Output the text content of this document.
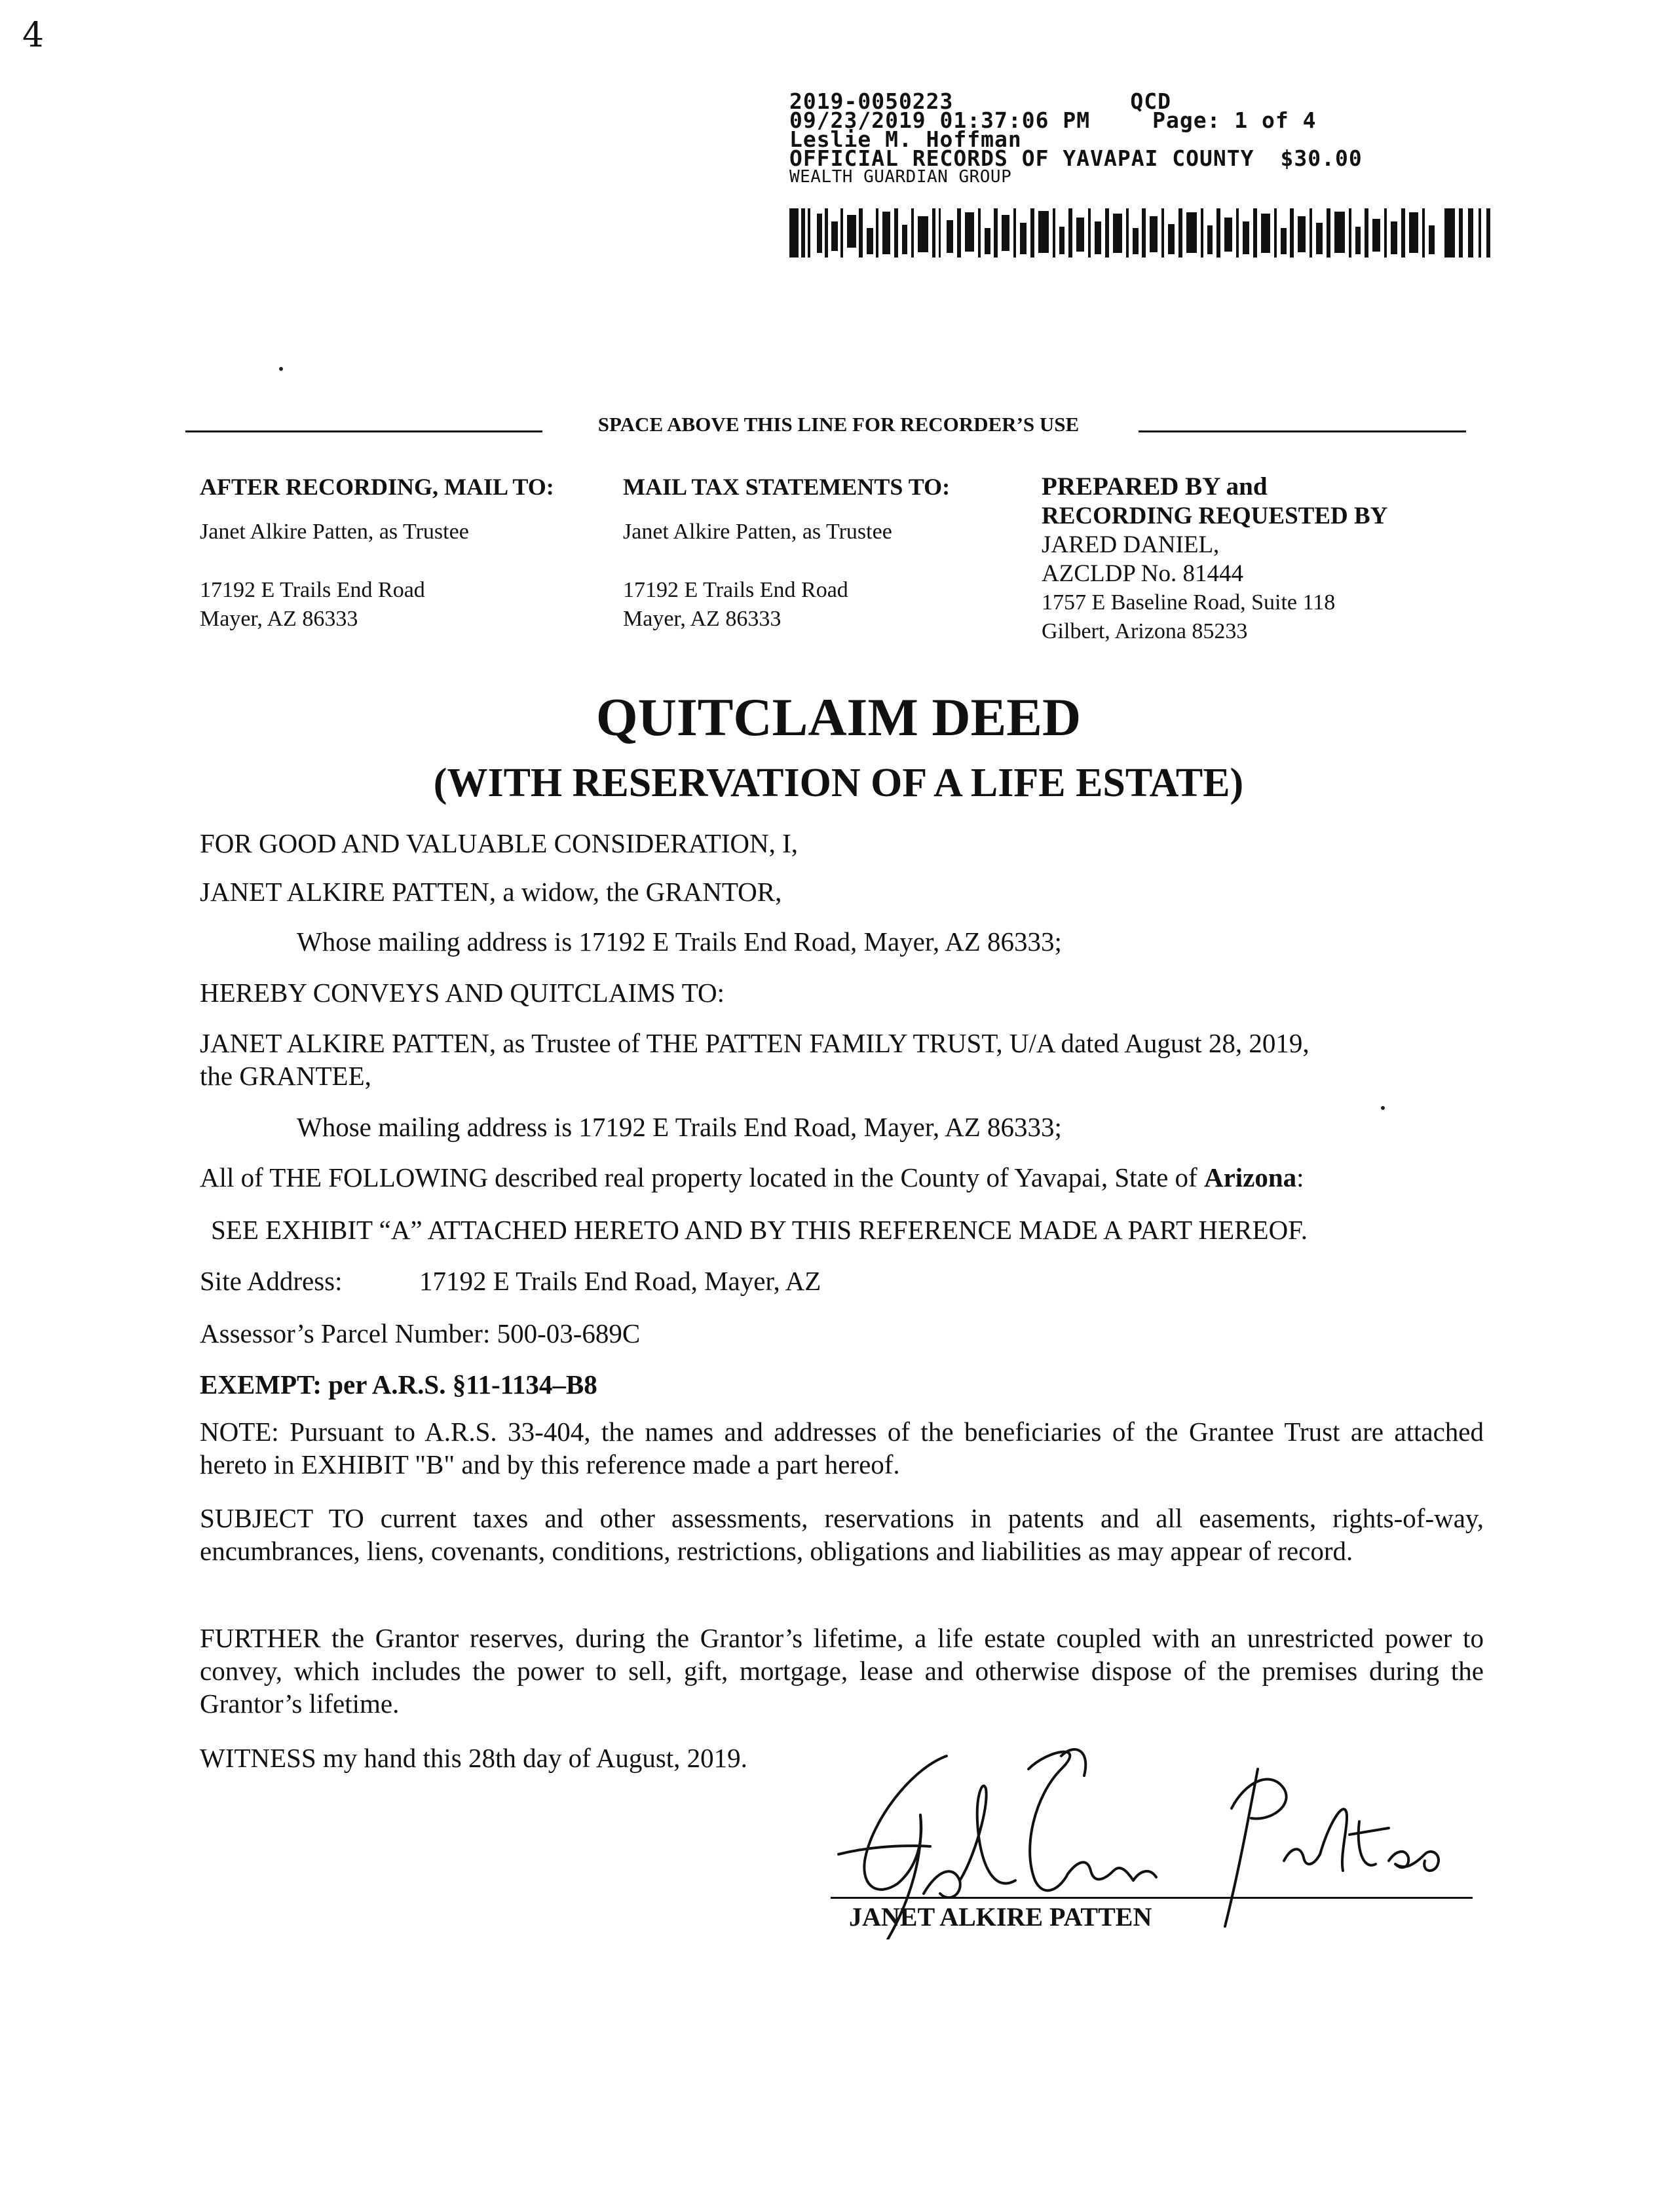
4
2019-0050223	QCD
09/23/2019 01:37:06 PM	Page: 1 of 4
Leslie M. Hoffman
OFFICIAL RECORDS OF YAVAPAI COUNTY $30.00
WEALTH GUARDIAN GROUP
SPACE ABOVE THIS LINE FOR RECORDER’S USE
AFTER RECORDING, MAIL TO:
Janet Alkire Patten, as Trustee
17192 E Trails End Road
Mayer, AZ 86333
MAIL TAX STATEMENTS TO:
Janet Alkire Patten, as Trustee
17192 E Trails End Road
Mayer, AZ 86333
PREPARED BY and
RECORDING REQUESTED BY
JARED DANIEL,
AZCLDP No. 81444
1757 E Baseline Road, Suite 118
Gilbert, Arizona 85233
QUITCLAIM DEED
(WITH RESERVATION OF A LIFE ESTATE)
FOR GOOD AND VALUABLE CONSIDERATION, I,
JANET ALKIRE PATTEN, a widow, the GRANTOR,
Whose mailing address is 17192 E Trails End Road, Mayer, AZ 86333;
HEREBY CONVEYS AND QUITCLAIMS TO:
JANET ALKIRE PATTEN, as Trustee of THE PATTEN FAMILY TRUST, U/A dated August 28, 2019,
the GRANTEE,
Whose mailing address is 17192 E Trails End Road, Mayer, AZ 86333;
All of THE FOLLOWING described real property located in the County of Yavapai, State of Arizona:
SEE EXHIBIT “A” ATTACHED HERETO AND BY THIS REFERENCE MADE A PART HEREOF.
Site Address:	17192 E Trails End Road, Mayer, AZ
Assessor’s Parcel Number: 500-03-689C
EXEMPT: per A.R.S. §11-1134–B8
NOTE: Pursuant to A.R.S. 33-404, the names and addresses of the beneficiaries of the Grantee Trust are attached hereto in EXHIBIT "B" and by this reference made a part hereof.
SUBJECT TO current taxes and other assessments, reservations in patents and all easements, rights-of-way, encumbrances, liens, covenants, conditions, restrictions, obligations and liabilities as may appear of record.
FURTHER the Grantor reserves, during the Grantor’s lifetime, a life estate coupled with an unrestricted power to convey, which includes the power to sell, gift, mortgage, lease and otherwise dispose of the premises during the Grantor’s lifetime.
WITNESS my hand this 28th day of August, 2019.
JANET ALKIRE PATTEN
